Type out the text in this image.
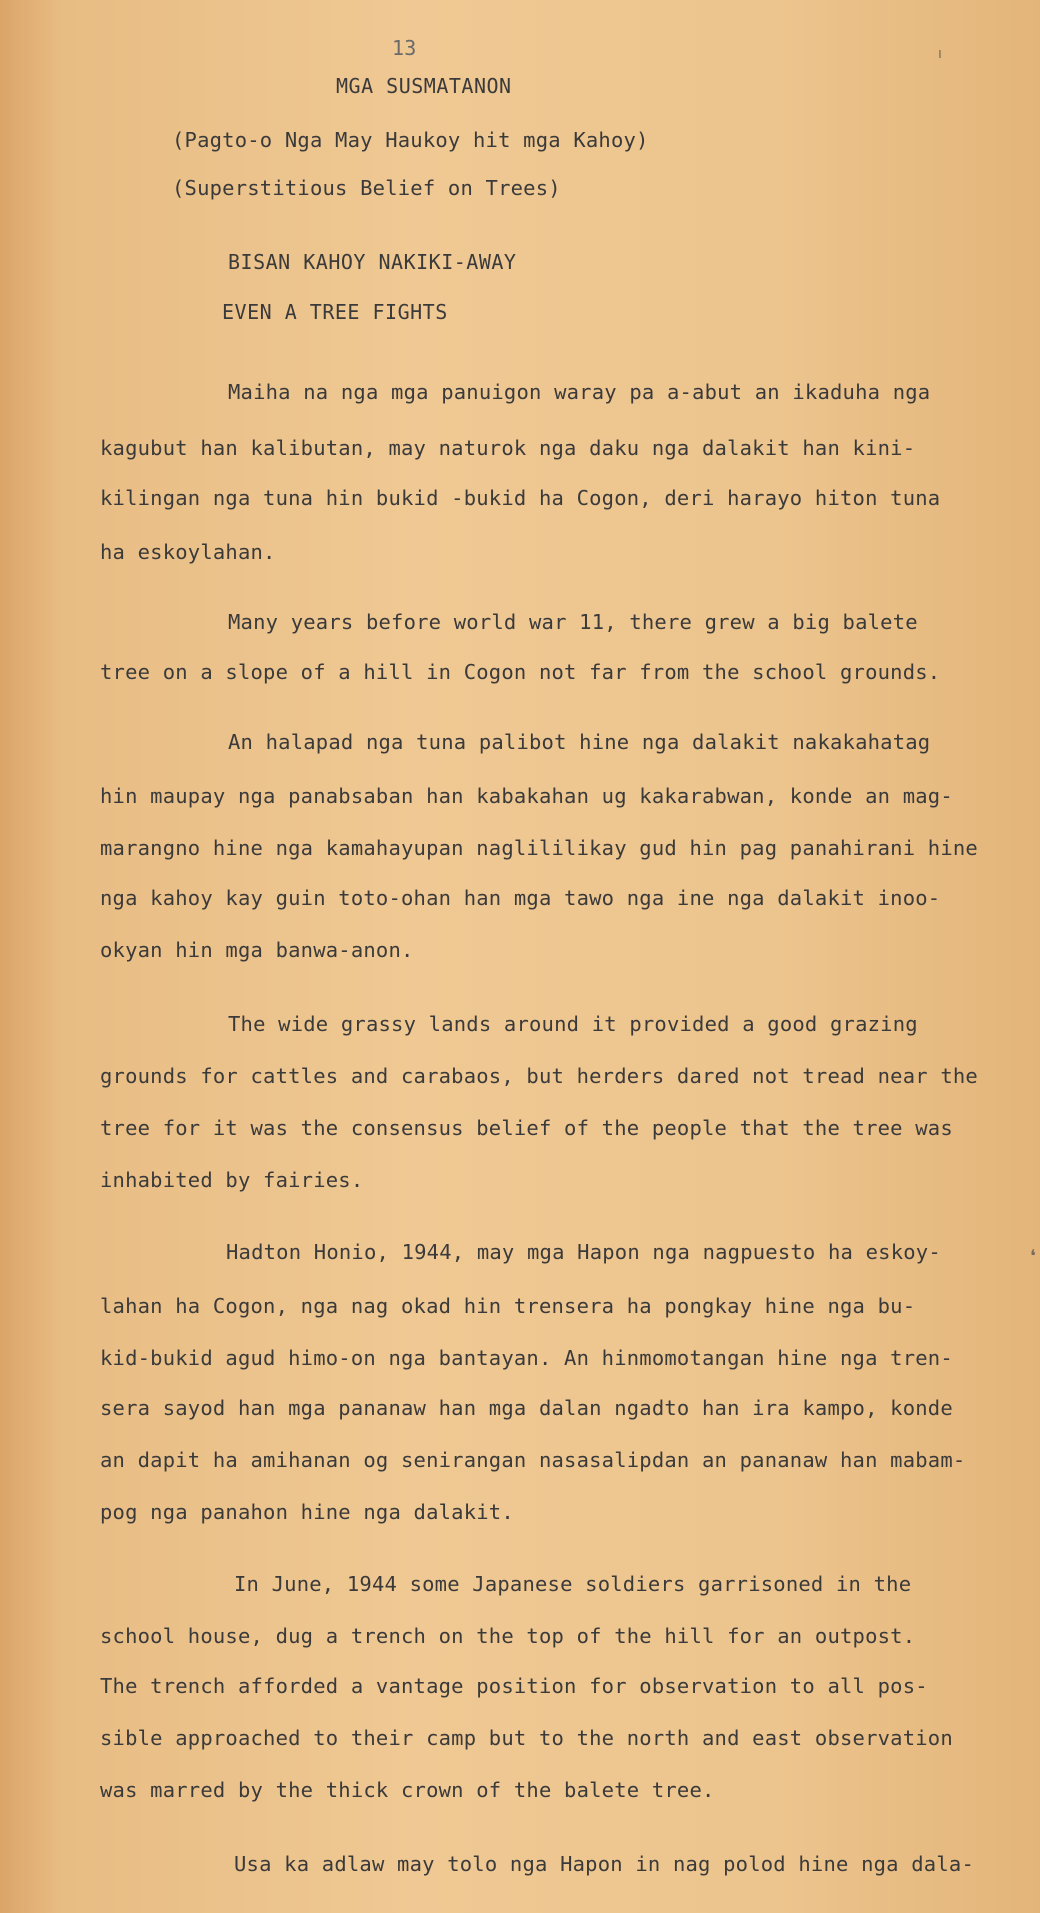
13	ı
MGA SUSMATANON
(Pagto-o Nga May Haukoy hit mga Kahoy)
(Superstitious Belief on Trees)
BISAN KAHOY NAKIKI-AWAY
EVEN A TREE FIGHTS
Maiha na nga mga panuigon waray pa a-abut an ikaduha nga
kagubut han kalibutan, may naturok nga daku nga dalakit han kini-
kilingan nga tuna hin bukid -bukid ha Cogon, deri harayo hiton tuna
ha eskoylahan.
Many years before world war 11, there grew a big balete
tree on a slope of a hill in Cogon not far from the school grounds.
An halapad nga tuna palibot hine nga dalakit nakakahatag
hin maupay nga panabsaban han kabakahan ug kakarabwan, konde an mag-
marangno hine nga kamahayupan naglililikay gud hin pag panahirani hine
nga kahoy kay guin toto-ohan han mga tawo nga ine nga dalakit inoo-
okyan hin mga banwa-anon.
The wide grassy lands around it provided a good grazing
grounds for cattles and carabaos, but herders dared not tread near the
tree for it was the consensus belief of the people that the tree was
inhabited by fairies.
Hadton Honio, 1944, may mga Hapon nga nagpuesto ha eskoy-
lahan ha Cogon, nga nag okad hin trensera ha pongkay hine nga bu-
kid-bukid agud himo-on nga bantayan. An hinmomotangan hine nga tren-
sera sayod han mga pananaw han mga dalan ngadto han ira kampo, konde
an dapit ha amihanan og senirangan nasasalipdan an pananaw han mabam-
pog nga panahon hine nga dalakit.
In June, 1944 some Japanese soldiers garrisoned in the
school house, dug a trench on the top of the hill for an outpost.
The trench afforded a vantage position for observation to all pos-
sible approached to their camp but to the north and east observation
was marred by the thick crown of the balete tree.
Usa ka adlaw may tolo nga Hapon in nag polod hine nga dala-
❛
